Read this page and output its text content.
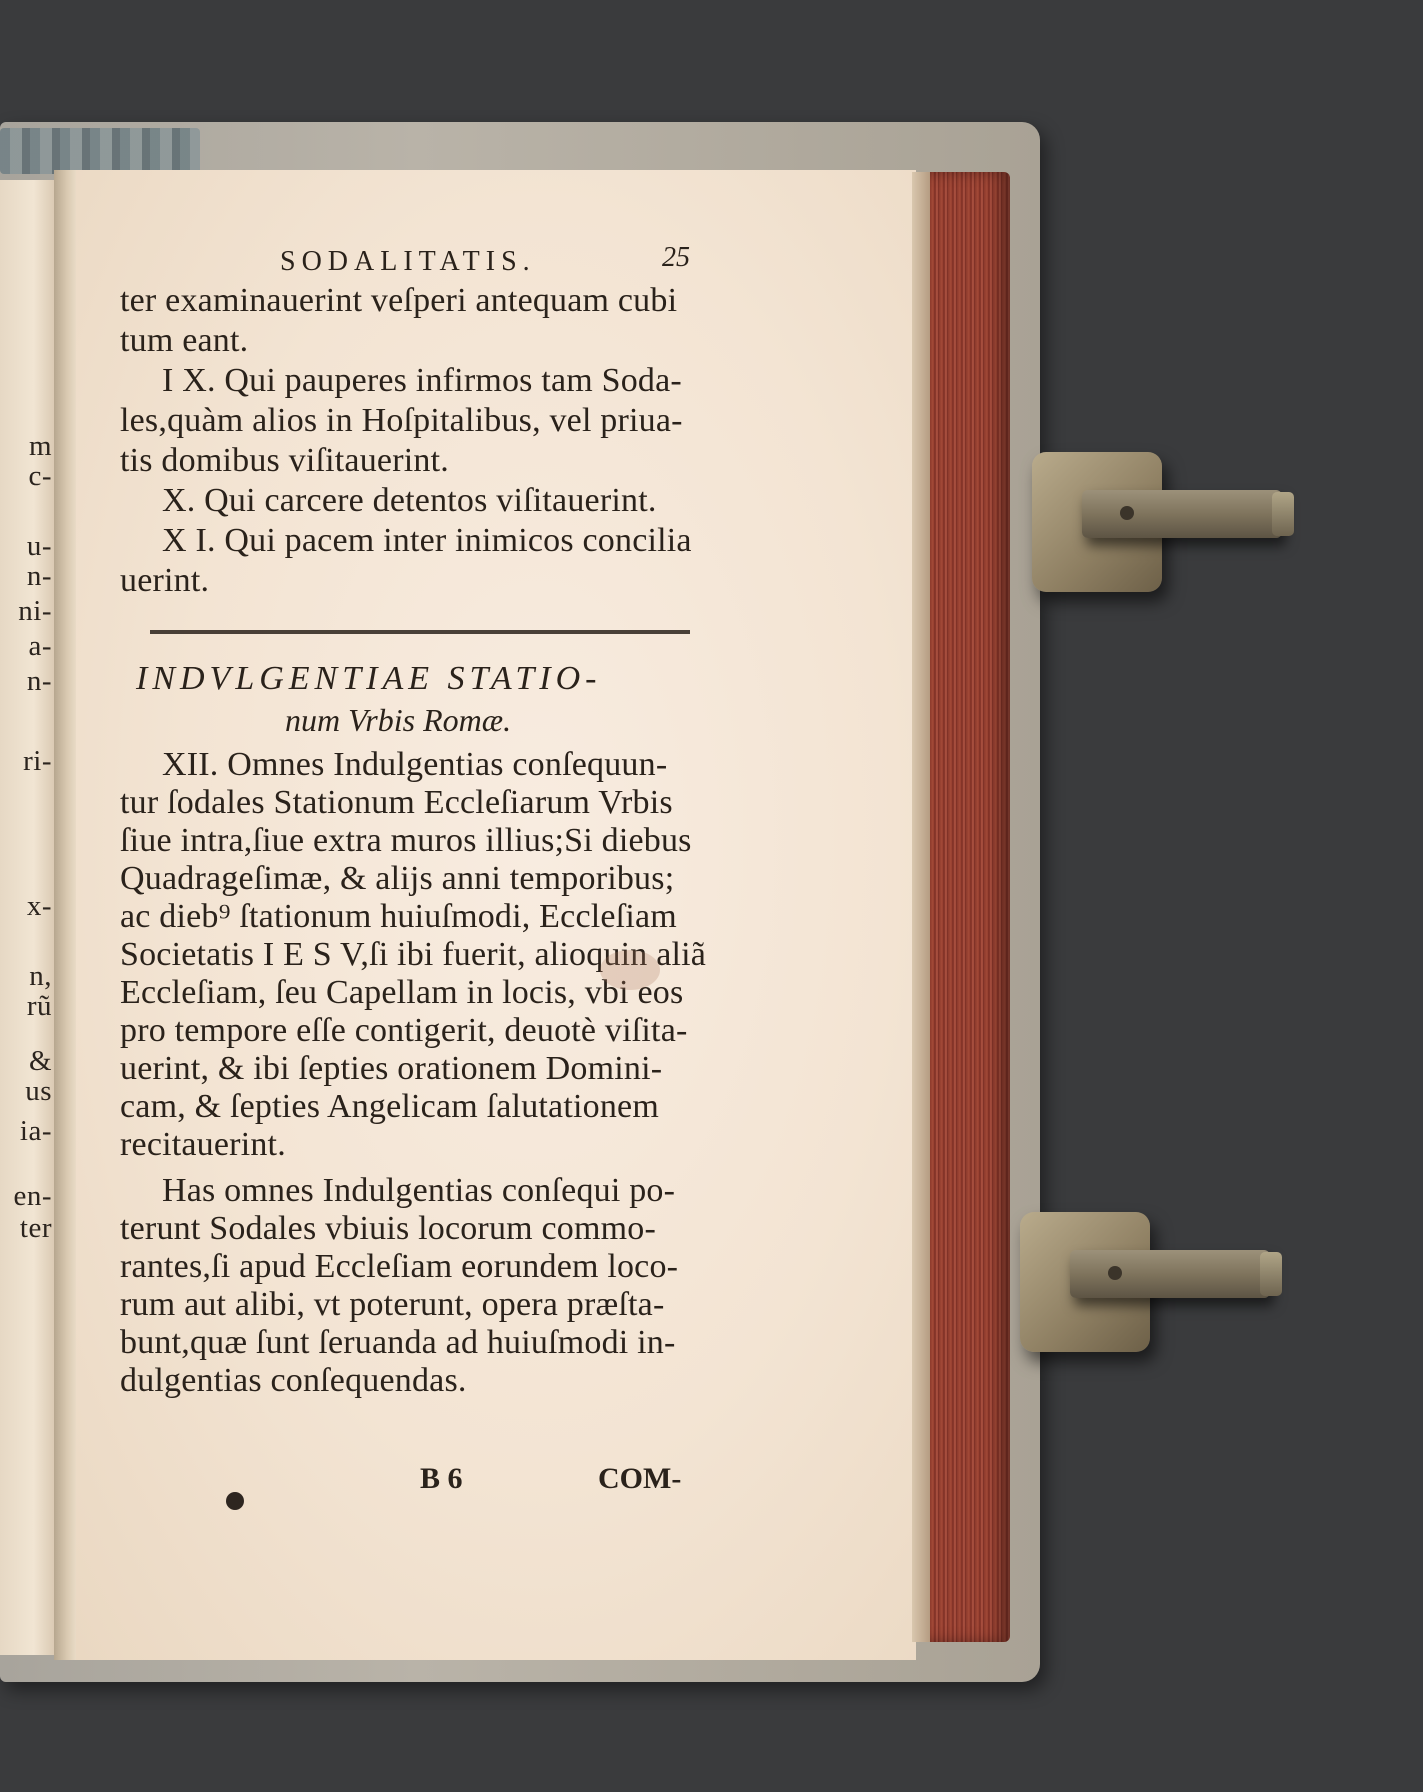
m
c-
u-
n-
ni-
a-
n-
ri-
x-
n,
rũ
&
us
ia-
en-
ter
SODALITATIS.	25
ter examinauerint veſperi antequam cubi
tum eant.
I X. Qui pauperes infirmos tam Soda-
les,quàm alios in Hoſpitalibus, vel priua-
tis domibus viſitauerint.
X. Qui carcere detentos viſitauerint.
X I. Qui pacem inter inimicos concilia
uerint.
INDVLGENTIAE STATIO-
num Vrbis Romæ.
XII. Omnes Indulgentias conſequun-
tur ſodales Stationum Eccleſiarum Vrbis
ſiue intra,ſiue extra muros illius;Si diebus
Quadrageſimæ, & alijs anni temporibus;
ac dieb⁹ ſtationum huiuſmodi, Eccleſiam
Societatis I E S V,ſi ibi fuerit, alioquin aliã
Eccleſiam, ſeu Capellam in locis, vbi eos
pro tempore eſſe contigerit, deuotè viſita-
uerint, & ibi ſepties orationem Domini-
cam, & ſepties Angelicam ſalutationem
recitauerint.
Has omnes Indulgentias conſequi po-
terunt Sodales vbiuis locorum commo-
rantes,ſi apud Eccleſiam eorundem loco-
rum aut alibi, vt poterunt, opera præſta-
bunt,quæ ſunt ſeruanda ad huiuſmodi in-
dulgentias conſequendas.
B 6	COM-
